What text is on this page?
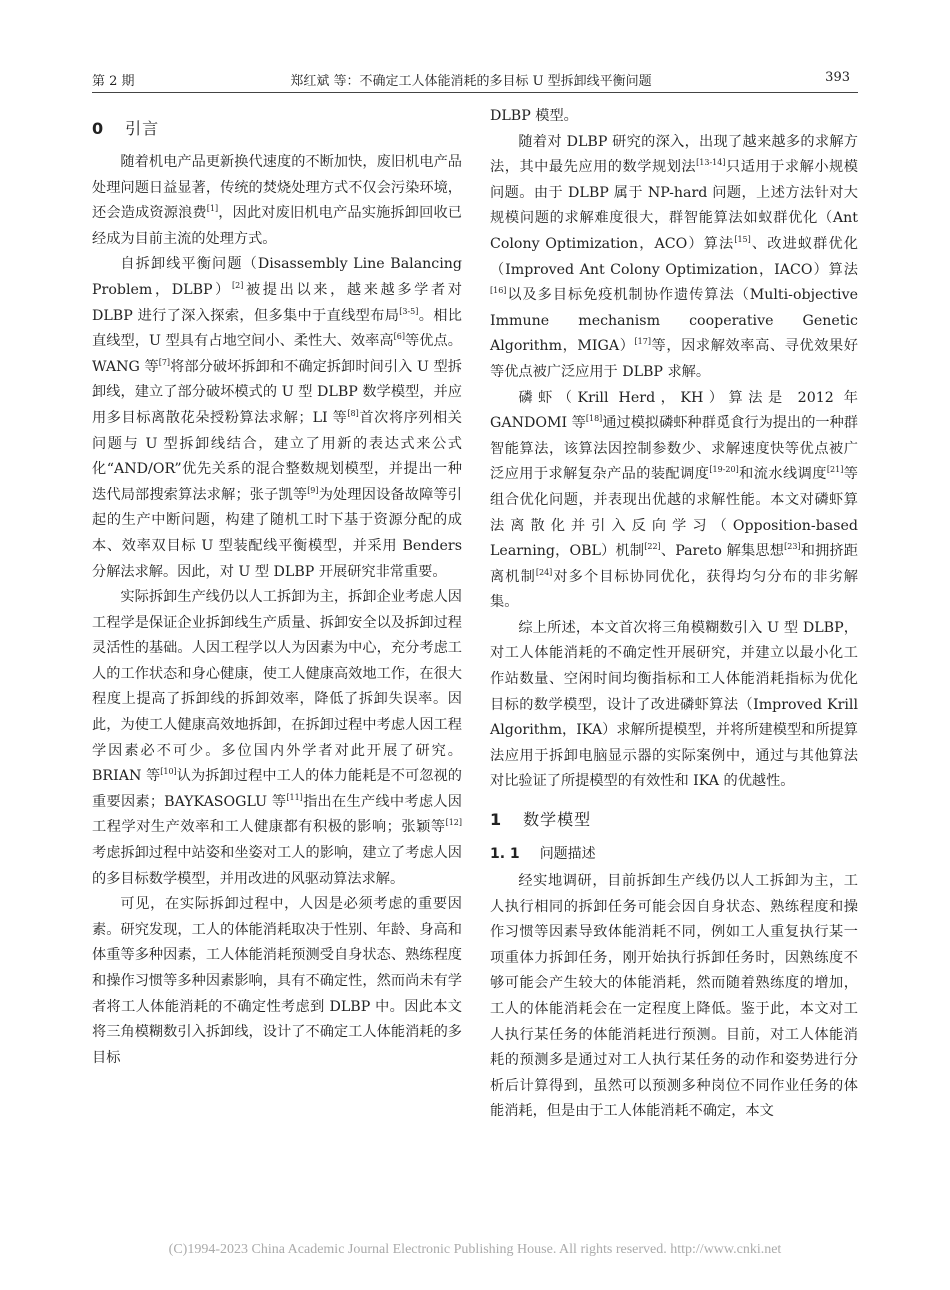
第 2 期	郑红斌 等：不确定工人体能消耗的多目标 U 型拆卸线平衡问题	393
0 引言

随着机电产品更新换代速度的不断加快，废旧机电产品处理问题日益显著，传统的焚烧处理方式不仅会污染环境，还会造成资源浪费[1]，因此对废旧机电产品实施拆卸回收已经成为目前主流的处理方式。

自拆卸线平衡问题（Disassembly Line Balancing Problem，DLBP）[2]被提出以来，越来越多学者对 DLBP 进行了深入探索，但多集中于直线型布局[3-5]。相比直线型，U 型具有占地空间小、柔性大、效率高[6]等优点。WANG 等[7]将部分破坏拆卸和不确定拆卸时间引入 U 型拆卸线，建立了部分破坏模式的 U 型 DLBP 数学模型，并应用多目标离散花朵授粉算法求解；LI 等[8]首次将序列相关问题与 U 型拆卸线结合，建立了用新的表达式来公式化“AND/OR”优先关系的混合整数规划模型，并提出一种迭代局部搜索算法求解；张子凯等[9]为处理因设备故障等引起的生产中断问题，构建了随机工时下基于资源分配的成本、效率双目标 U 型装配线平衡模型，并采用 Benders 分解法求解。因此，对 U 型 DLBP 开展研究非常重要。

实际拆卸生产线仍以人工拆卸为主，拆卸企业考虑人因工程学是保证企业拆卸线生产质量、拆卸安全以及拆卸过程灵活性的基础。人因工程学以人为因素为中心，充分考虑工人的工作状态和身心健康，使工人健康高效地工作，在很大程度上提高了拆卸线的拆卸效率，降低了拆卸失误率。因此，为使工人健康高效地拆卸，在拆卸过程中考虑人因工程学因素必不可少。多位国内外学者对此开展了研究。BRIAN 等[10]认为拆卸过程中工人的体力能耗是不可忽视的重要因素；BAYKASOGLU 等[11]指出在生产线中考虑人因工程学对生产效率和工人健康都有积极的影响；张颖等[12]考虑拆卸过程中站姿和坐姿对工人的影响，建立了考虑人因的多目标数学模型，并用改进的风驱动算法求解。

可见，在实际拆卸过程中，人因是必须考虑的重要因素。研究发现，工人的体能消耗取决于性别、年龄、身高和体重等多种因素，工人体能消耗预测受自身状态、熟练程度和操作习惯等多种因素影响，具有不确定性，然而尚未有学者将工人体能消耗的不确定性考虑到 DLBP 中。因此本文将三角模糊数引入拆卸线，设计了不确定工人体能消耗的多目标

DLBP 模型。

随着对 DLBP 研究的深入，出现了越来越多的求解方法，其中最先应用的数学规划法[13-14]只适用于求解小规模问题。由于 DLBP 属于 NP-hard 问题，上述方法针对大规模问题的求解难度很大，群智能算法如蚁群优化（Ant Colony Optimization，ACO）算法[15]、改进蚁群优化（Improved Ant Colony Optimization，IACO）算法[16]以及多目标免疫机制协作遗传算法（Multi-objective Immune mechanism cooperative Genetic Algorithm，MIGA）[17]等，因求解效率高、寻优效果好等优点被广泛应用于 DLBP 求解。

磷虾（Krill Herd，KH）算法是 2012 年 GANDOMI 等[18]通过模拟磷虾种群觅食行为提出的一种群智能算法，该算法因控制参数少、求解速度快等优点被广泛应用于求解复杂产品的装配调度[19-20]和流水线调度[21]等组合优化问题，并表现出优越的求解性能。本文对磷虾算法离散化并引入反向学习（Opposition-based Learning，OBL）机制[22]、Pareto 解集思想[23]和拥挤距离机制[24]对多个目标协同优化，获得均匀分布的非劣解集。

综上所述，本文首次将三角模糊数引入 U 型 DLBP，对工人体能消耗的不确定性开展研究，并建立以最小化工作站数量、空闲时间均衡指标和工人体能消耗指标为优化目标的数学模型，设计了改进磷虾算法（Improved Krill Algorithm，IKA）求解所提模型，并将所建模型和所提算法应用于拆卸电脑显示器的实际案例中，通过与其他算法对比验证了所提模型的有效性和 IKA 的优越性。

1 数学模型
1. 1 问题描述

经实地调研，目前拆卸生产线仍以人工拆卸为主，工人执行相同的拆卸任务可能会因自身状态、熟练程度和操作习惯等因素导致体能消耗不同，例如工人重复执行某一项重体力拆卸任务，刚开始执行拆卸任务时，因熟练度不够可能会产生较大的体能消耗，然而随着熟练度的增加，工人的体能消耗会在一定程度上降低。鉴于此，本文对工人执行某任务的体能消耗进行预测。目前，对工人体能消耗的预测多是通过对工人执行某任务的动作和姿势进行分析后计算得到，虽然可以预测多种岗位不同作业任务的体能消耗，但是由于工人体能消耗不确定，本文

(C)1994-2023 China Academic Journal Electronic Publishing House. All rights reserved. http://www.cnki.net
